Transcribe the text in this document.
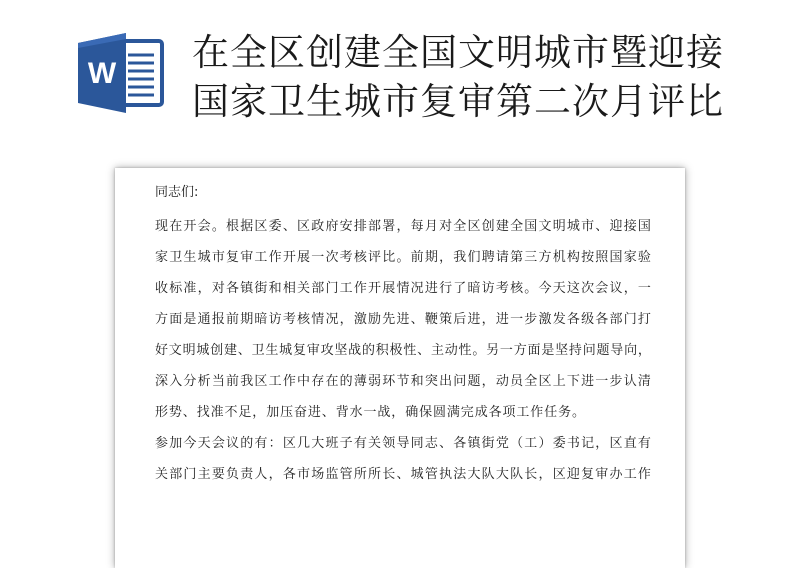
W 在全区创建全国文明城市暨迎接
国家卫生城市复审第二次月评比
同志们:
现 在 开 会 。 根 据 区 委 、 区 政 府 安 排 部 署 ， 每 月 对 全 区 创 建 全 国 文 明 城 市 、 迎 接 国
家 卫 生 城 市 复 审 工 作 开 展 一 次 考 核 评 比 。 前 期 ， 我 们 聘 请 第 三 方 机 构 按 照 国 家 验
收 标 准 ， 对 各 镇 街 和 相 关 部 门 工 作 开 展 情 况 进 行 了 暗 访 考 核 。 今 天 这 次 会 议 ， 一
方 面 是 通 报 前 期 暗 访 考 核 情 况 ， 激 励 先 进 、 鞭 策 后 进 ， 进 一 步 激 发 各 级 各 部 门 打
好 文 明 城 创 建 、 卫 生 城 复 审 攻 坚 战 的 积 极 性 、 主 动 性 。 另 一 方 面 是 坚 持 问 题 导 向 ，
深 入 分 析 当 前 我 区 工 作 中 存 在 的 薄 弱 环 节 和 突 出 问 题 ， 动 员 全 区 上 下 进 一 步 认 清
形势、找准不足，加压奋进、背水一战，确保圆满完成各项工作任务。
参 加 今 天 会 议 的 有 ： 区 几 大 班 子 有 关 领 导 同 志 、 各 镇 街 党 （ 工 ） 委 书 记 ， 区 直 有
关 部 门 主 要 负 责 人 ， 各 市 场 监 管 所 所 长 、 城 管 执 法 大 队 大 队 长 ， 区 迎 复 审 办 工 作
